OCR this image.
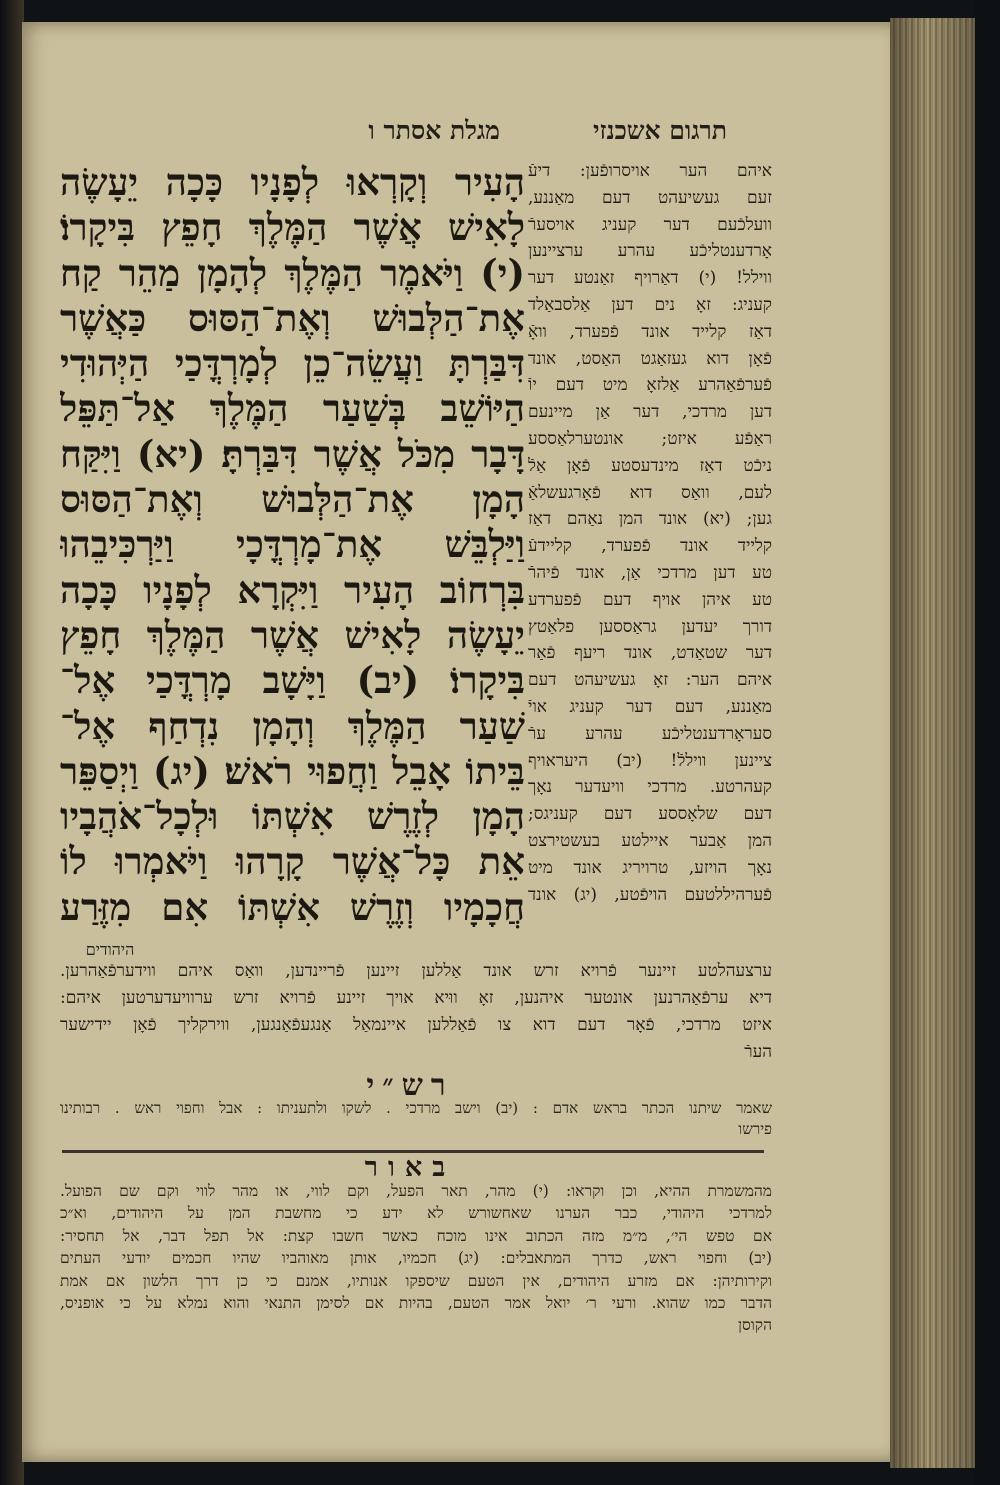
מגלת אסתר ו	תרגום אשכנזי
הָעִיר וְקָרְאוּ לְפָנָיו כָּכָה יֵעָשֶׂה
לָאִישׁ אֲשֶׁר הַמֶּלֶךְ חָפֵץ בִּיקָרוֹ׃
(י) וַיֹּאמֶר הַמֶּלֶךְ לְהָמָן מַהֵר קַח
אֶת־הַלְּבוּשׁ וְאֶת־הַסּוּס כַּאֲשֶׁר
דִּבַּרְתָּ וַעֲשֵׂה־כֵן לְמָרְדֳּכַי הַיְּהוּדִי
הַיּוֹשֵׁב בְּשַׁעַר הַמֶּלֶךְ אַל־תַּפֵּל
דָּבָר מִכֹּל אֲשֶׁר דִּבַּרְתָּ׃ (יא) וַיִּקַּח
הָמָן אֶת־הַלְּבוּשׁ וְאֶת־הַסּוּס
וַיַּלְבֵּשׁ אֶת־מָרְדֳּכָי וַיַּרְכִּיבֵהוּ
בִּרְחוֹב הָעִיר וַיִּקְרָא לְפָנָיו כָּכָה
יֵעָשֶׂה לָאִישׁ אֲשֶׁר הַמֶּלֶךְ חָפֵץ
בִּיקָרוֹ׃ (יב) וַיָּשָׁב מָרְדֳּכַי אֶל־
שַׁעַר הַמֶּלֶךְ וְהָמָן נִדְחַף אֶל־
בֵּיתוֹ אָבֵל וַחֲפוּי רֹאשׁ׃ (יג) וַיְסַפֵּר
הָמָן לְזֶרֶשׁ אִשְׁתּוֹ וּלְכָל־אֹהֲבָיו
אֵת כָּל־אֲשֶׁר קָרָהוּ וַיֹּאמְרוּ לוֹ
חֲכָמָיו וְזֶרֶשׁ אִשְׁתּוֹ אִם מִזֶּרַע
איהם הער אויסרופֿען: דיעֿ
זעם געשיעהט דעם מאַננע,
וועלכֿעם דער קעניג אויסערֿ
אָרדענטליכֿע עהרע ערציינען
ווילל! (י) דאַרויף זאַנטע דער
קעניג: זאָ נים דען אַלסבאַלד
דאַז קלייד אונד פֿפערד, וואָֿ
פֿאָן דוא געזאַגט האַסט, אונד
פֿערפֿאַהרע אַלזאָ מיט דעם יוֿ
דען מרדכי, דער אַן מיינעם
ראַפֿע איזט; אונטערלאַססע
ניכֿט דאַז מינדעסטע פֿאָן אַלֿ
לעם, וואַס דוא פֿאָרגעשלאַֿ
גען; (יא) אונד המן נאַהם דאַז
קלייד אונד פֿפערד, קליידעֿ
טע דען מרדכי אַן, אונד פֿיהרֿ
טע איהן אויף דעם פֿפערדע
דורך יעדען גראַססען פלאַטץ
דער שטאַדט, אונד ריעף פֿאַר
איהם הער: זאָ געשיעהט דעם
מאַננע, דעם דער קעניג אויֿ
סעראָרדענטליכֿע עהרע ערֿ
ציינען וויללֿ! (יב) היעראויף
קעהרטע. מרדכי וויעדער נאָך
דעם שלאָססע דעם קעניגס;
המן אַבער איילטע בעשטירצט
נאָך הויזע, טרויריג אונד מיט
פֿערהיללטעם הויפֿטע, (יג) אונד
היהודים
ערצעהלטע זיינער פֿרויא זרש אונד אַללען זיינען פֿריינדען, וואַס איהם ווידערפֿאַהרען.
דיא ערפֿאַהרנען אונטער איהנען, זאָ ווּיא אויך זיינע פֿרויא זרש ערוויעדערטען איהם:
איזט מרדכי, פֿאָר דעם דוא צו פֿאַללען איינמאַל אַנגעפֿאַנגען, ווירקליך פֿאָן יידישער
הערֿ
רש״י
שאמר שיתנו הכתר בראש אדם : (יב) וישב מרדכי . לשקו ולתעניתו : אבל וחפוי ראש . רבותינו
פירשו
באור
מהמשמרת ההיא, וכן וקראו: (י) מהר, תאר הפעל, וקם לווי, או מהר לווי וקם שם הפועל.
למרדכי היהודי, כבר הערנו שאחשורש לא ידע כי מחשבת המן על היהודים, וא״כ
אם טפש הי׳, מ״מ מזה הכתוב אינו מוכח כאשר חשבו קצת: אל תפל דבר, אל תחסיר:
(יב) וחפוי ראש, כדרך המתאבלים: (יג) חכמיו, אותן מאוהביו שהיו חכמים יודעי העתים
וקירותיהן: אם מזרע היהודים, אין הטעם שיספקו אנותיו, אמנם כי כן דרך הלשון אם אמת
הדבר כמו שהוא. ורעי ר׳ יואל אמר הטעם, בהיות אם לסימן התנאי והוא נמלא על כי אופניס,
הקוסן
